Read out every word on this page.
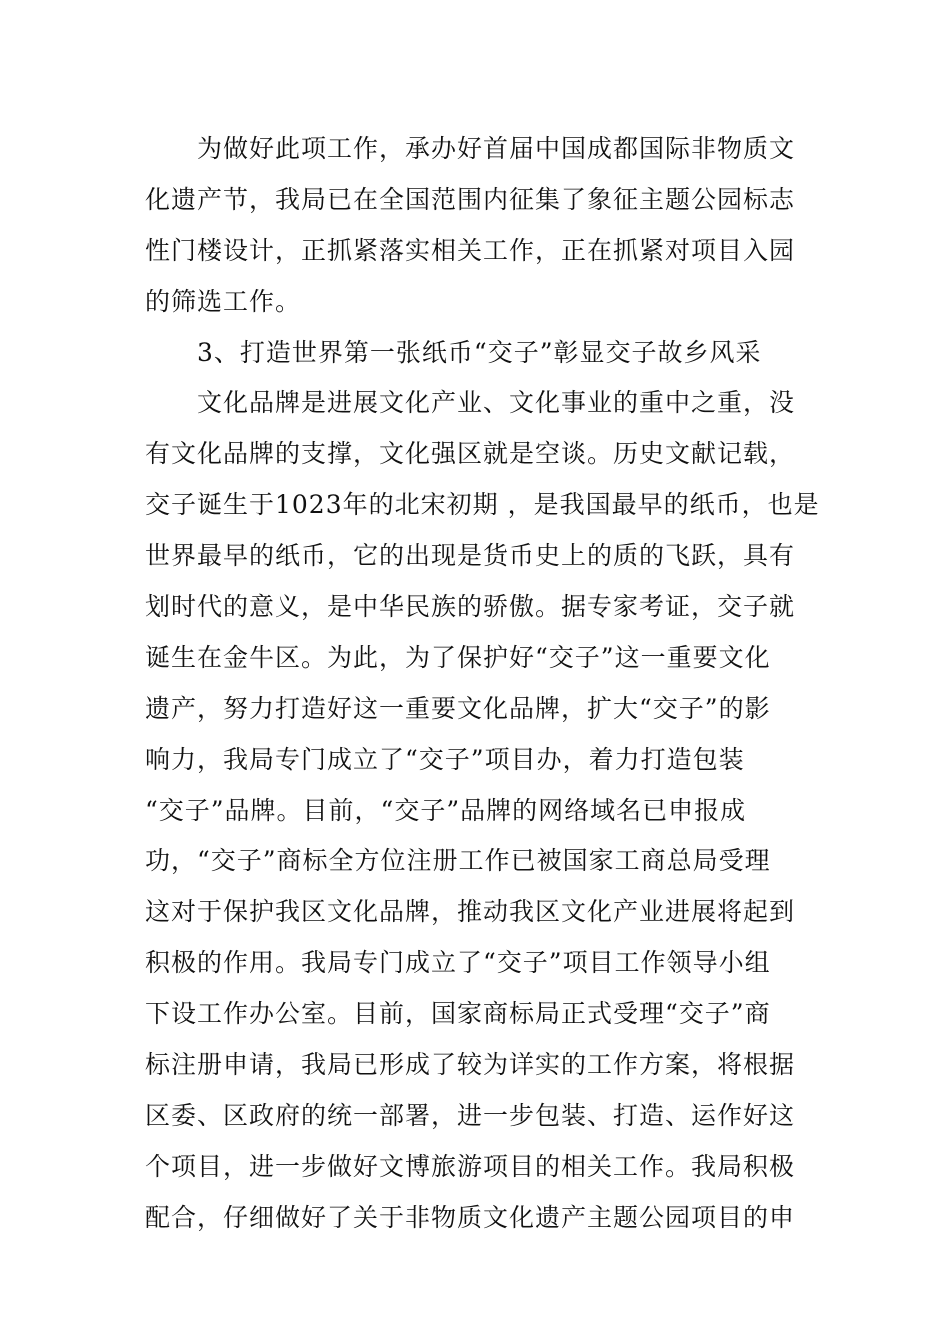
为做好此项工作，承办好首届中国成都国际非物质文
化遗产节，我局已在全国范围内征集了象征主题公园标志
性门楼设计，正抓紧落实相关工作，正在抓紧对项目入园
的筛选工作。
3、打造世界第一张纸币“交子”彰显交子故乡风采
文化品牌是进展文化产业、文化事业的重中之重，没
有文化品牌的支撑，文化强区就是空谈。历史文献记载，
交子诞生于1023年的北宋初期 ，是我国最早的纸币，也是
世界最早的纸币，它的出现是货币史上的质的飞跃，具有
划时代的意义，是中华民族的骄傲。据专家考证，交子就
诞生在金牛区。为此，为了保护好“交子”这一重要文化
遗产，努力打造好这一重要文化品牌，扩大“交子”的影
响力，我局专门成立了“交子”项目办，着力打造包装
“交子”品牌。目前，“交子”品牌的网络域名已申报成
功，“交子”商标全方位注册工作已被国家工商总局受理
这对于保护我区文化品牌，推动我区文化产业进展将起到
积极的作用。我局专门成立了“交子”项目工作领导小组
下设工作办公室。目前，国家商标局正式受理“交子”商
标注册申请，我局已形成了较为详实的工作方案，将根据
区委、区政府的统一部署，进一步包装、打造、运作好这
个项目，进一步做好文博旅游项目的相关工作。我局积极
配合，仔细做好了关于非物质文化遗产主题公园项目的申
